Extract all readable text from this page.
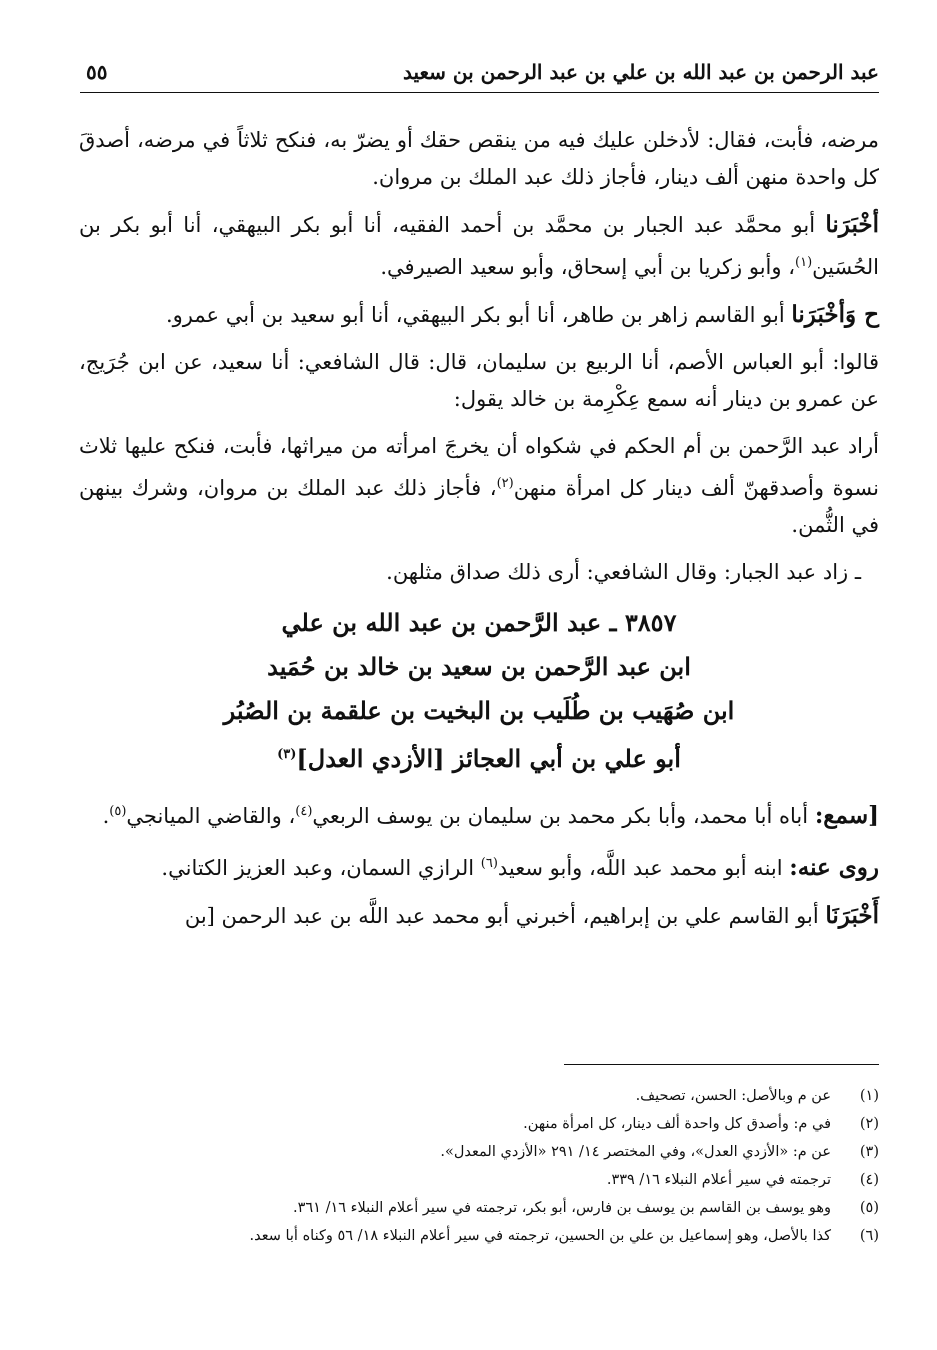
عبد الرحمن بن عبد الله بن علي بن عبد الرحمن بن سعيد
٥٥

مرضه، فأبت، فقال: لأدخلن عليك فيه من ينقص حقك أو يضرّ به، فنكح ثلاثاً في مرضه، أصدقَ كل واحدة منهن ألف دينار، فأجاز ذلك عبد الملك بن مروان.

أخْبَرَنا أبو محمَّد عبد الجبار بن محمَّد بن أحمد الفقيه، أنا أبو بكر البيهقي، أنا أبو بكر بن الحُسَين$^{(١)}$، وأبو زكريا بن أبي إسحاق، وأبو سعيد الصيرفي.

ح وَأخْبَرَنا أبو القاسم زاهر بن طاهر، أنا أبو بكر البيهقي، أنا أبو سعيد بن أبي عمرو.

قالوا: أبو العباس الأصم، أنا الربيع بن سليمان، قال: قال الشافعي: أنا سعيد، عن ابن جُرَيج، عن عمرو بن دينار أنه سمع عِكْرِمة بن خالد يقول:

أراد عبد الرَّحمن بن أم الحكم في شكواه أن يخرجَ امرأته من ميراثها، فأبت، فنكح عليها ثلاث نسوة وأصدقهنّ ألف دينار كل امرأة منهن$^{(٢)}$، فأجاز ذلك عبد الملك بن مروان، وشرك بينهن في الثُّمن.

ـ زاد عبد الجبار: وقال الشافعي: أرى ذلك صداق مثلهن.

٣٨٥٧ ـ عبد الرَّحمن بن عبد الله بن علي
ابن عبد الرَّحمن بن سعيد بن خالد بن حُمَيد
ابن صُهَيب بن طُلَيب بن البخيت بن علقمة بن الصُبُر
أبو علي بن أبي العجائز [الأزدي العدل]$^{(٣)}$

[سمع: أباه أبا محمد، وأبا بكر محمد بن سليمان بن يوسف الربعي$^{(٤)}$، والقاضي الميانجي$^{(٥)}$.

روى عنه: ابنه أبو محمد عبد اللَّه، وأبو سعيد$^{(٦)}$ الرازي السمان، وعبد العزيز الكتاني.

أَخْبَرَنَا أبو القاسم علي بن إبراهيم، أخبرني أبو محمد عبد اللَّه بن عبد الرحمن [بن

(١)عن م وبالأصل: الحسن، تصحيف.
(٢)في م: وأصدق كل واحدة ألف دينار، كل امرأة منهن.
(٣)عن م: «الأزدي العدل»، وفي المختصر ١٤/ ٢٩١ «الأزدي المعدل».
(٤)ترجمته في سير أعلام النبلاء ١٦/ ٣٣٩.
(٥)وهو يوسف بن القاسم بن يوسف بن فارس، أبو بكر، ترجمته في سير أعلام النبلاء ١٦/ ٣٦١.
(٦)كذا بالأصل، وهو إسماعيل بن علي بن الحسين، ترجمته في سير أعلام النبلاء ١٨/ ٥٦ وكناه أبا سعد.
